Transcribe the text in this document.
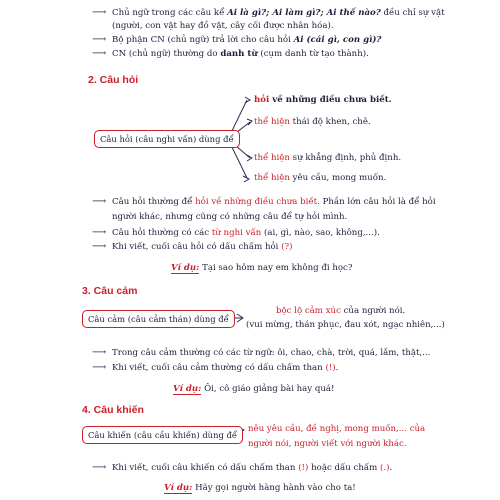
⟶ Chủ ngữ trong các câu kể Ai là gì?; Ai làm gì?; Ai thế nào? đều chỉ sự vật
(người, con vật hay đồ vật, cây cối được nhân hóa).
⟶ Bộ phận CN (chủ ngữ) trả lời cho câu hỏi Ai (cái gì, con gì)?
⟶ CN (chủ ngữ) thường do danh từ (cụm danh từ tạo thành).
2. Câu hỏi
Câu hỏi (câu nghi vấn) dùng để
hỏi về những điều chưa biết.
thể hiện thái độ khen, chê.
thể hiện sự khẳng định, phủ định.
thể hiện yêu cầu, mong muốn.
⟶ Câu hỏi thường để hỏi về những điều chưa biết. Phần lớn câu hỏi là để hỏi
người khác, nhưng cũng có những câu để tự hỏi mình.
⟶ Câu hỏi thường có các từ nghi vấn (ai, gì, nào, sao, không,...).
⟶ Khi viết, cuối câu hỏi có dấu chấm hỏi (?)
Ví dụ: Tại sao hôm nay em không đi học?
3. Câu cảm
Câu cảm (câu cảm thán) dùng để
bộc lộ cảm xúc của người nói.
(vui mừng, thán phục, đau xót, ngạc nhiên,...)
⟶ Trong câu cảm thường có các từ ngữ: ôi, chao, chà, trời, quá, lắm, thật,...
⟶ Khi viết, cuối câu cảm thường có dấu chấm than (!).
Ví dụ: Ôi, cô giáo giảng bài hay quá!
4. Câu khiến
Câu khiến (câu cầu khiến) dùng để
nêu yêu cầu, đề nghị, mong muốn,... của
người nói, người viết với người khác.
⟶ Khi viết, cuối câu khiến có dấu chấm than (!) hoặc dấu chấm (.).
Ví dụ: Hãy gọi người hàng hành vào cho ta!
